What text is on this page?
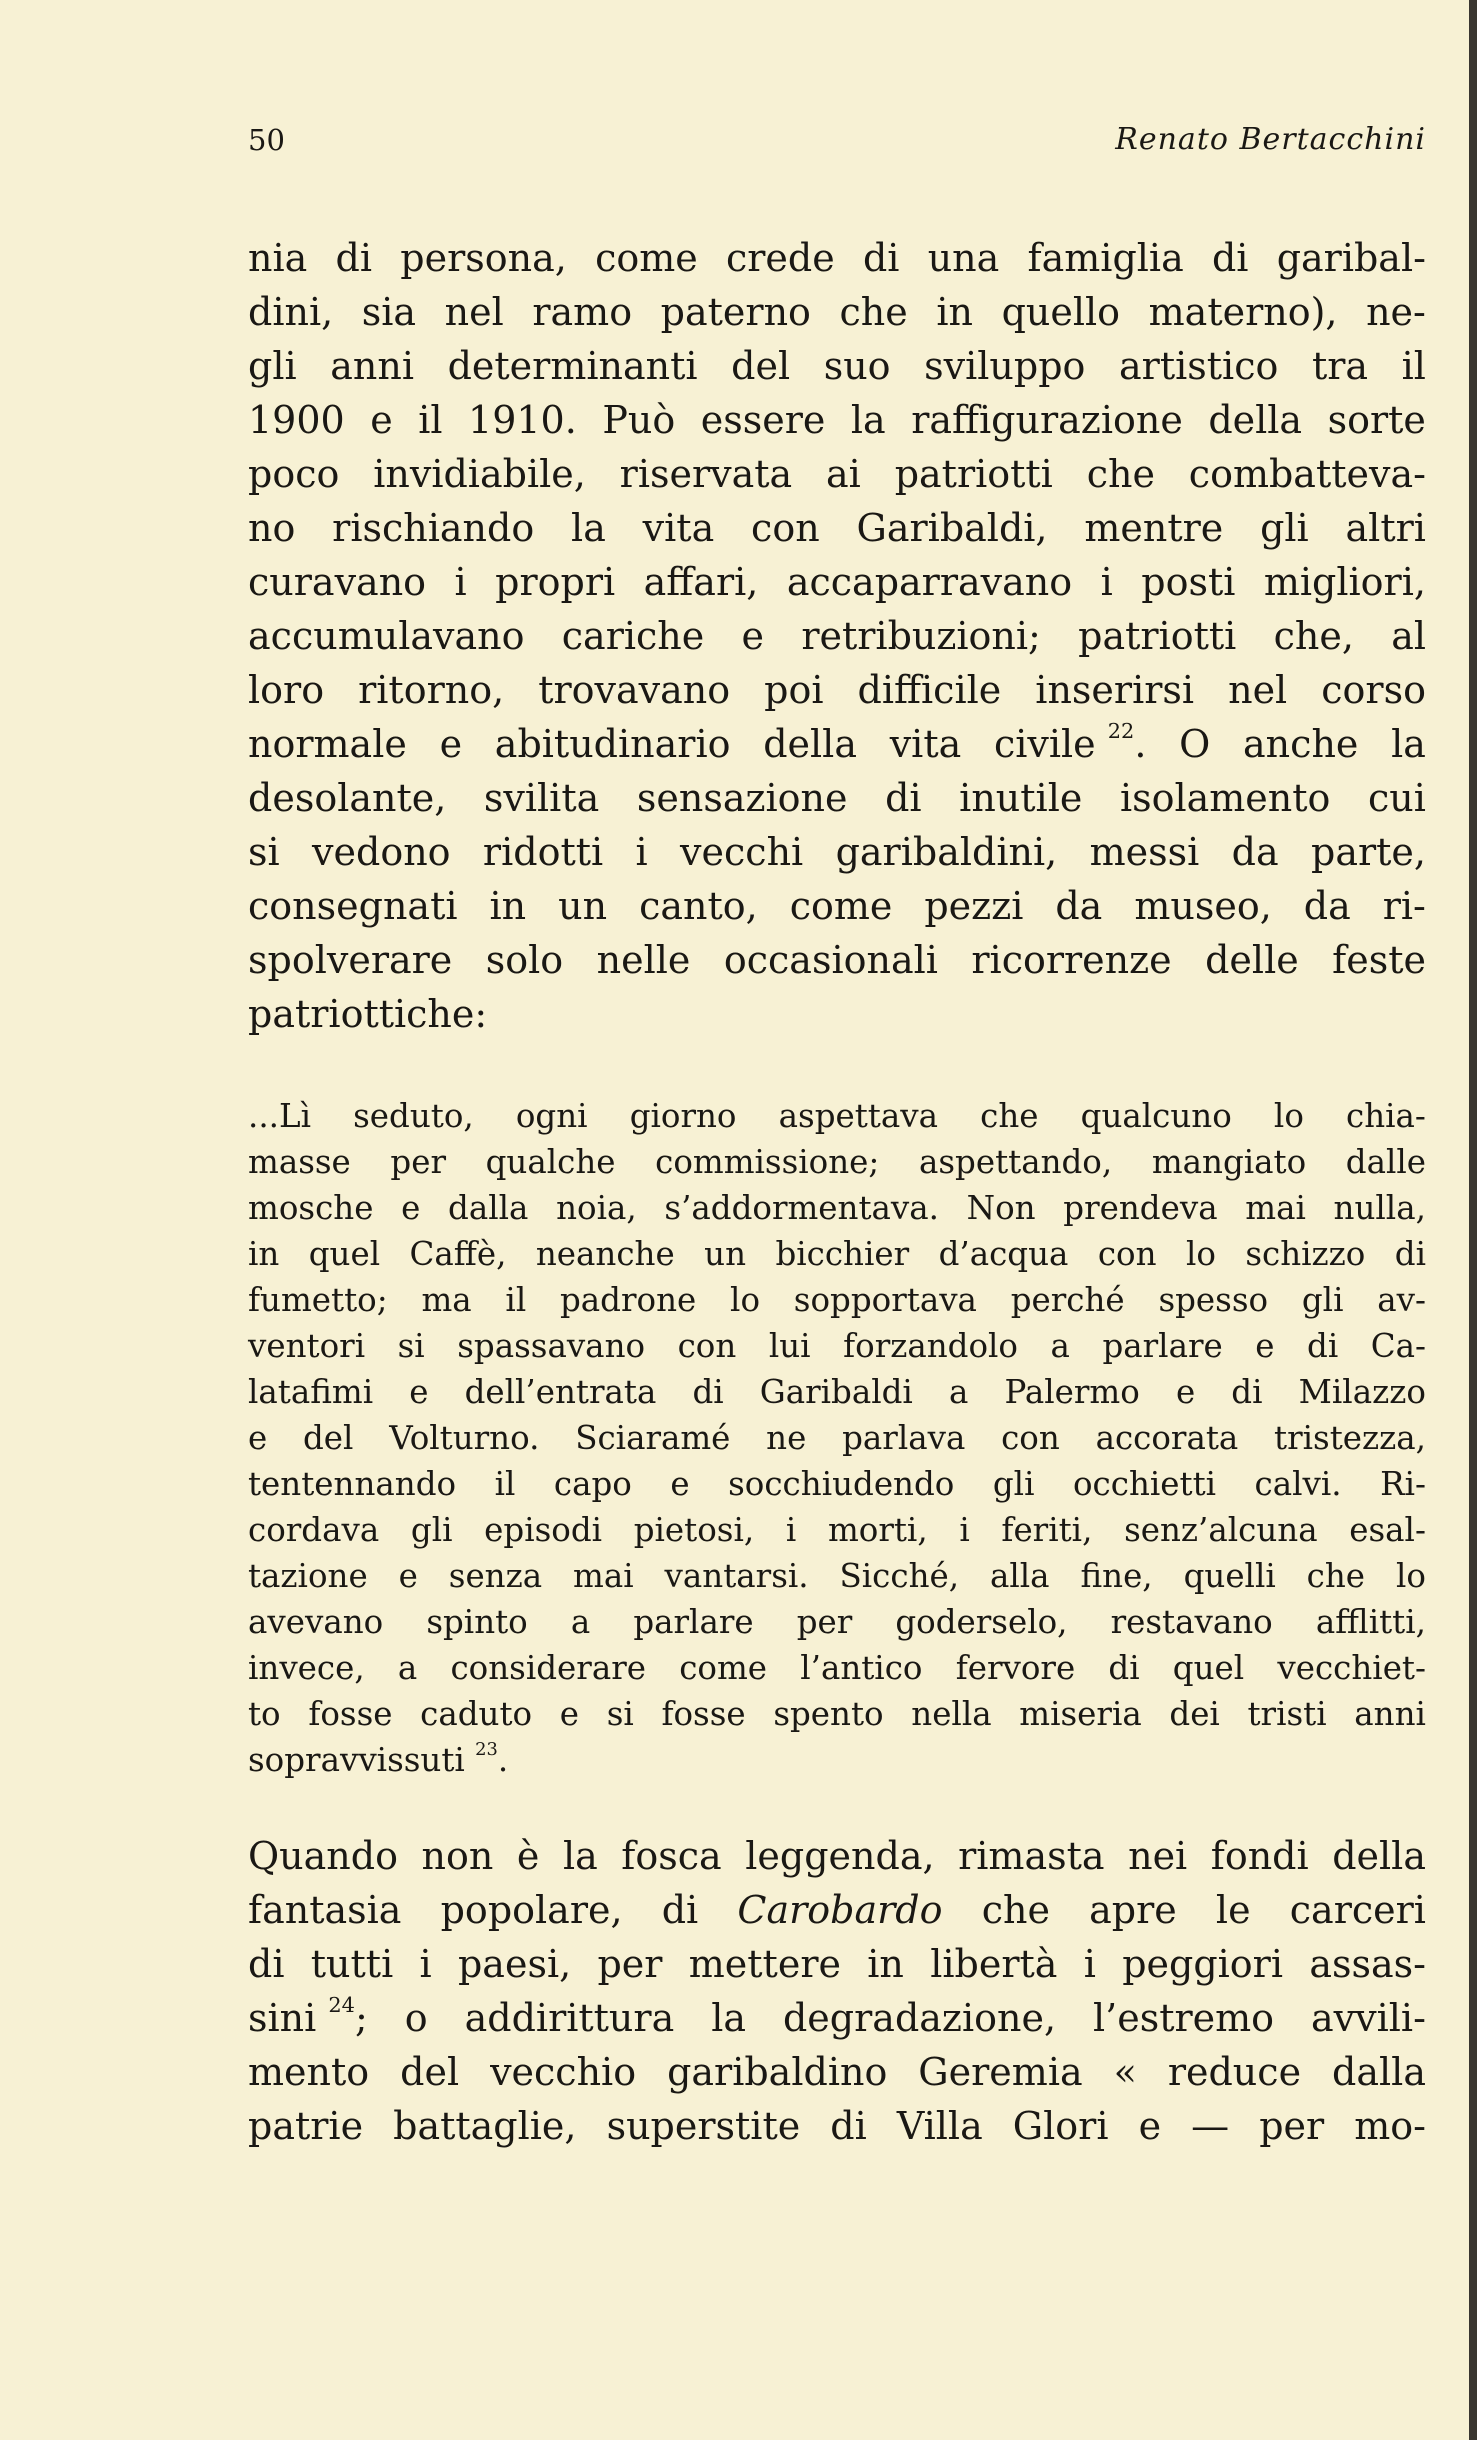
50	Renato Bertacchini

nia di persona, come crede di una famiglia di garibal-

dini, sia nel ramo paterno che in quello materno), ne-

gli anni determinanti del suo sviluppo artistico tra il

1900 e il 1910. Può essere la raffigurazione della sorte

poco invidiabile, riservata ai patriotti che combatteva-

no rischiando la vita con Garibaldi, mentre gli altri

curavano i propri affari, accaparravano i posti migliori,

accumulavano cariche e retribuzioni; patriotti che, al

loro ritorno, trovavano poi difficile inserirsi nel corso

normale e abitudinario della vita civile $^{22}$. O anche la

desolante, svilita sensazione di inutile isolamento cui

si vedono ridotti i vecchi garibaldini, messi da parte,

consegnati in un canto, come pezzi da museo, da ri-

spolverare solo nelle occasionali ricorrenze delle feste

patriottiche:

...Lì seduto, ogni giorno aspettava che qualcuno lo chia-

masse per qualche commissione; aspettando, mangiato dalle

mosche e dalla noia, s’addormentava. Non prendeva mai nulla,

in quel Caffè, neanche un bicchier d’acqua con lo schizzo di

fumetto; ma il padrone lo sopportava perché spesso gli av-

ventori si spassavano con lui forzandolo a parlare e di Ca-

latafimi e dell’entrata di Garibaldi a Palermo e di Milazzo

e del Volturno. Sciaramé ne parlava con accorata tristezza,

tentennando il capo e socchiudendo gli occhietti calvi. Ri-

cordava gli episodi pietosi, i morti, i feriti, senz’alcuna esal-

tazione e senza mai vantarsi. Sicché, alla fine, quelli che lo

avevano spinto a parlare per goderselo, restavano afflitti,

invece, a considerare come l’antico fervore di quel vecchiet-

to fosse caduto e si fosse spento nella miseria dei tristi anni

sopravvissuti $^{23}$.

Quando non è la fosca leggenda, rimasta nei fondi della

fantasia popolare, di Carobardo che apre le carceri

di tutti i paesi, per mettere in libertà i peggiori assas-

sini $^{24}$; o addirittura la degradazione, l’estremo avvili-

mento del vecchio garibaldino Geremia « reduce dalla

patrie battaglie, superstite di Villa Glori e — per mo-
